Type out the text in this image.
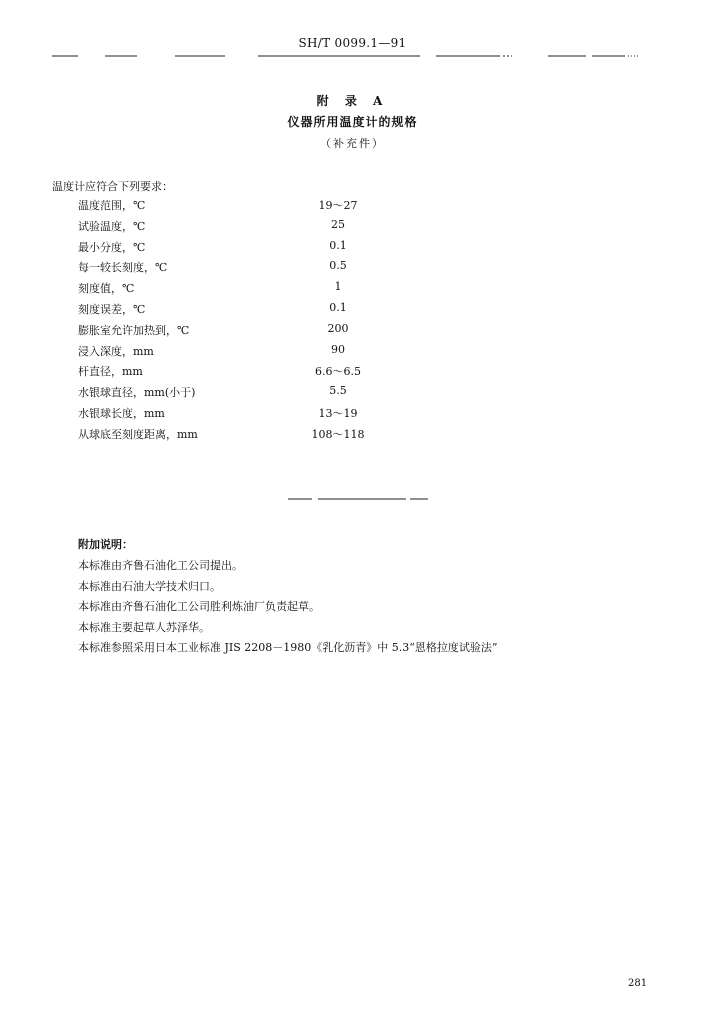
SH/T 0099.1—91
附 录 A
仪器所用温度计的规格
（补充件）
温度计应符合下列要求：
温度范围，℃	19～27
试验温度，℃	25
最小分度，℃	0.1
每一较长刻度，℃	0.5
刻度值，℃	1
刻度误差，℃	0.1
膨胀室允许加热到，℃	200
浸入深度，mm	90
杆直径，mm	6.6～6.5
水银球直径，mm(小于)	5.5
水银球长度，mm	13～19
从球底至刻度距离，mm	108～118
附加说明：
本标准由齐鲁石油化工公司提出。
本标准由石油大学技术归口。
本标准由齐鲁石油化工公司胜利炼油厂负责起草。
本标准主要起草人苏泽华。
本标准参照采用日本工业标准 JIS 2208－1980《乳化沥青》中 5.3“恩格拉度试验法”
281
